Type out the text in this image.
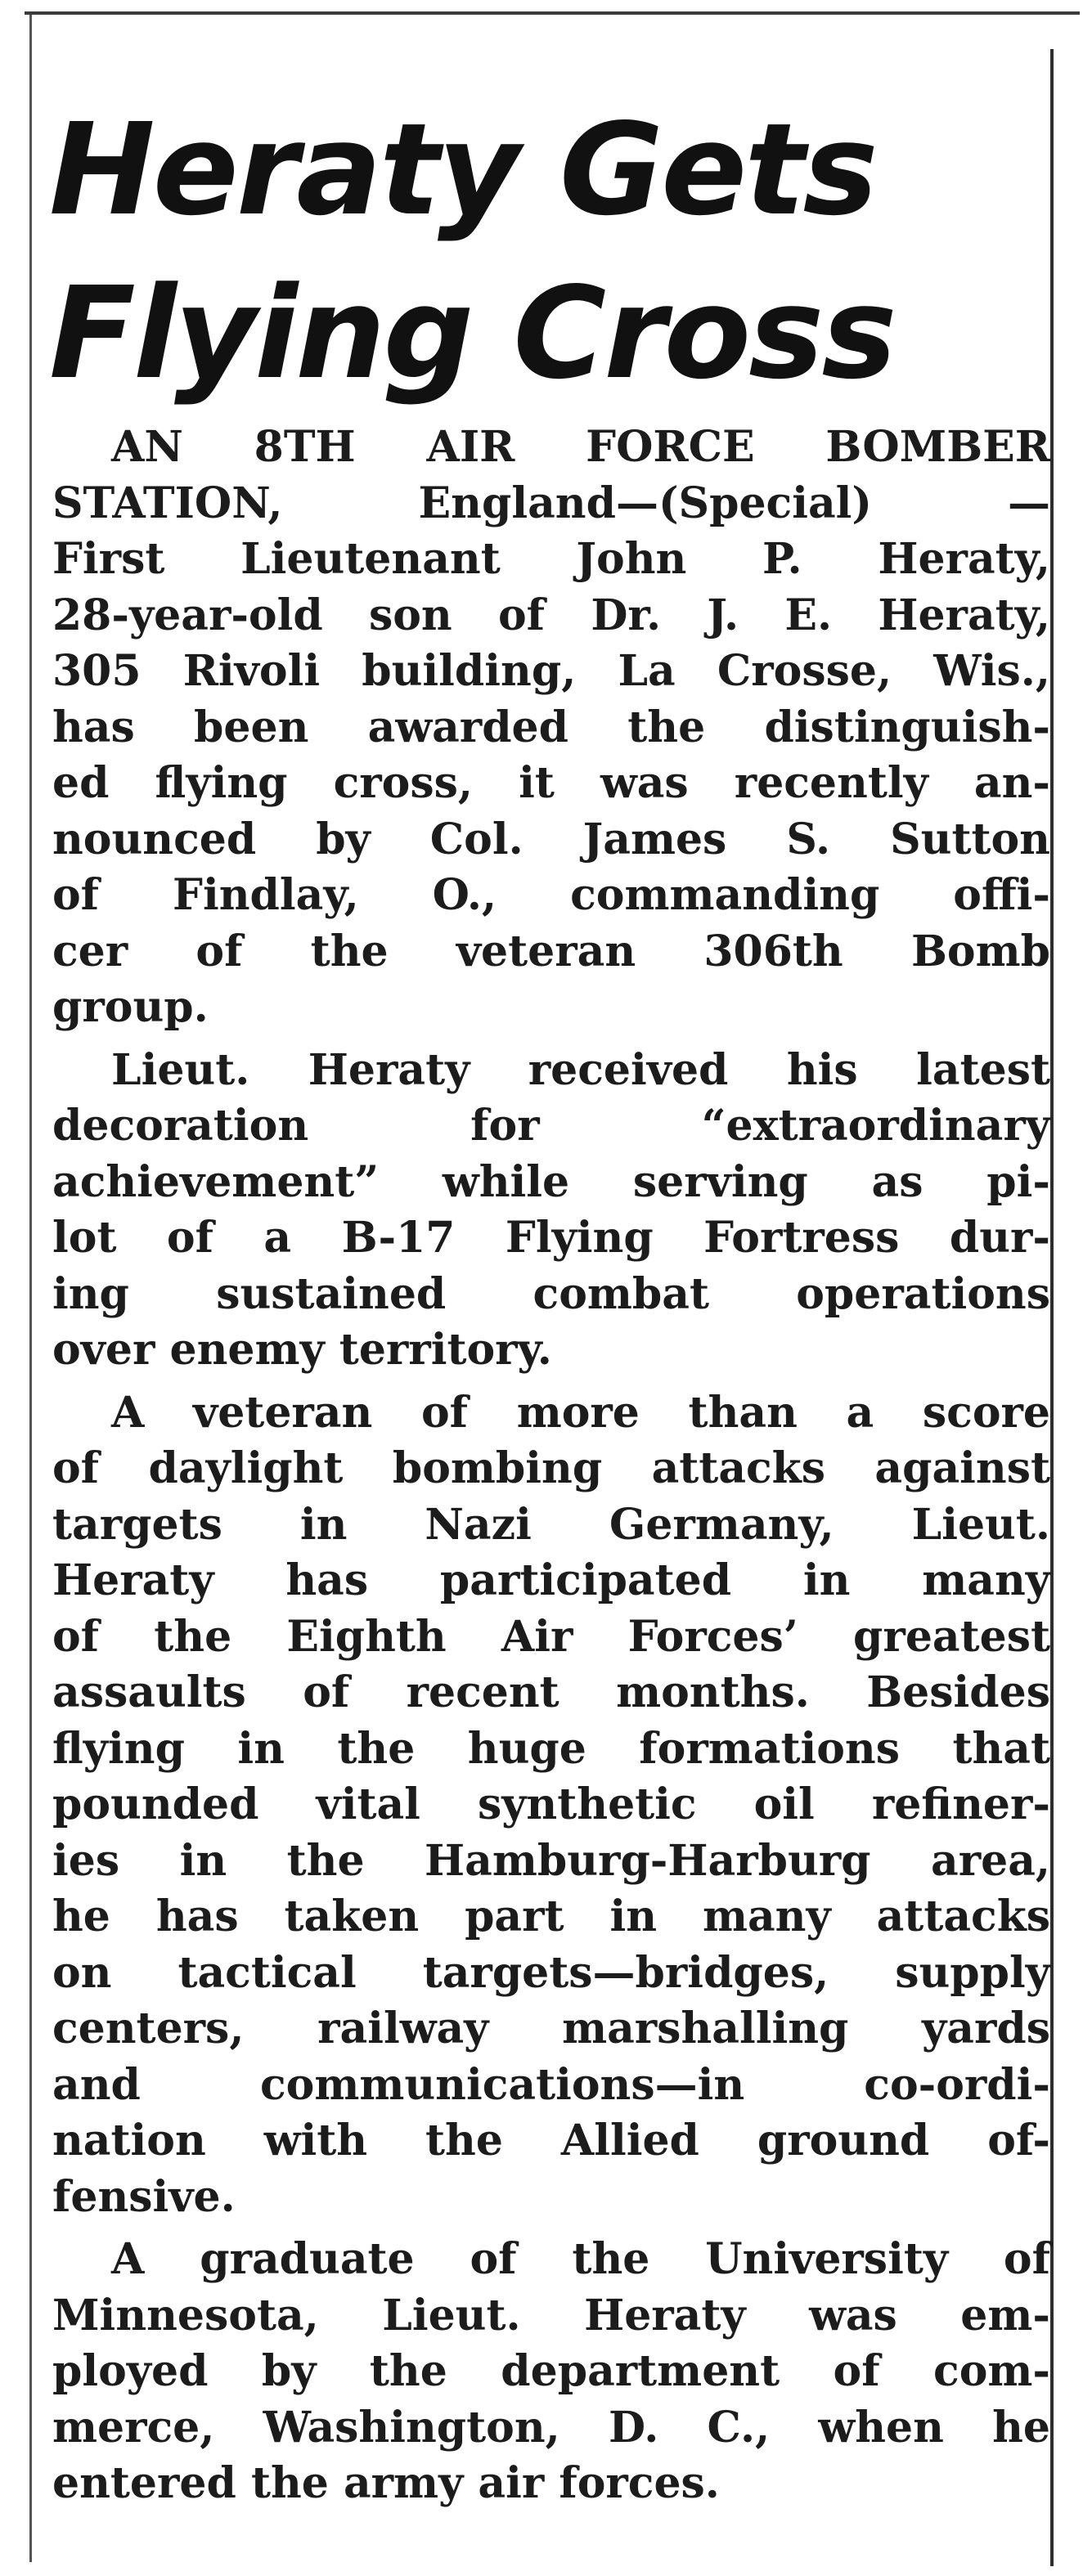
Heraty Gets
Flying Cross
AN 8TH AIR FORCE BOMBER
STATION, England—(Special) —
First Lieutenant John P. Heraty,
28-year-old son of Dr. J. E. Heraty,
305 Rivoli building, La Crosse, Wis.,
has been awarded the distinguish-
ed flying cross, it was recently an-
nounced by Col. James S. Sutton
of Findlay, O., commanding offi-
cer of the veteran 306th Bomb
group.
Lieut. Heraty received his latest
decoration for “extraordinary
achievement” while serving as pi-
lot of a B-17 Flying Fortress dur-
ing sustained combat operations
over enemy territory.
A veteran of more than a score
of daylight bombing attacks against
targets in Nazi Germany, Lieut.
Heraty has participated in many
of the Eighth Air Forces’ greatest
assaults of recent months. Besides
flying in the huge formations that
pounded vital synthetic oil refiner-
ies in the Hamburg-Harburg area,
he has taken part in many attacks
on tactical targets—bridges, supply
centers, railway marshalling yards
and communications—in co-ordi-
nation with the Allied ground of-
fensive.
A graduate of the University of
Minnesota, Lieut. Heraty was em-
ployed by the department of com-
merce, Washington, D. C., when he
entered the army air forces.
